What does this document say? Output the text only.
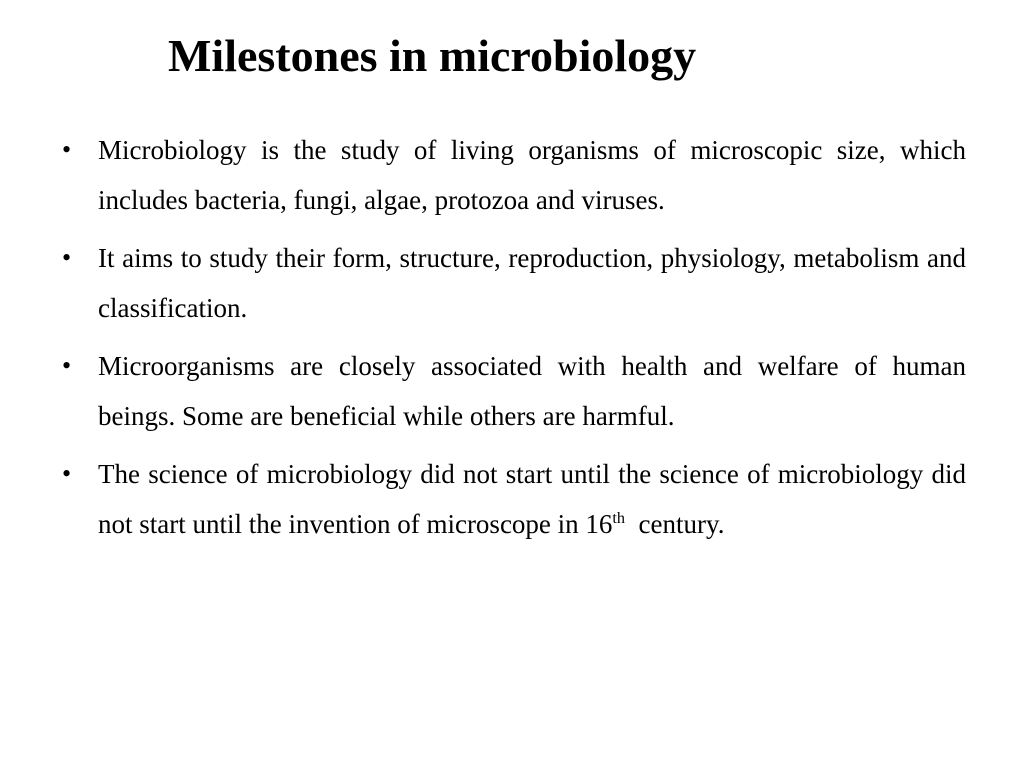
Milestones in microbiology
• Microbiology is the study of living organisms of microscopic size, which includes bacteria, fungi, algae, protozoa and viruses.

• It aims to study their form, structure, reproduction, physiology, metabolism and classification.

• Microorganisms are closely associated with health and welfare of human beings. Some are beneficial while others are harmful.

• The science of microbiology did not start until the science of microbiology did not start until the invention of microscope in 16th  century.
